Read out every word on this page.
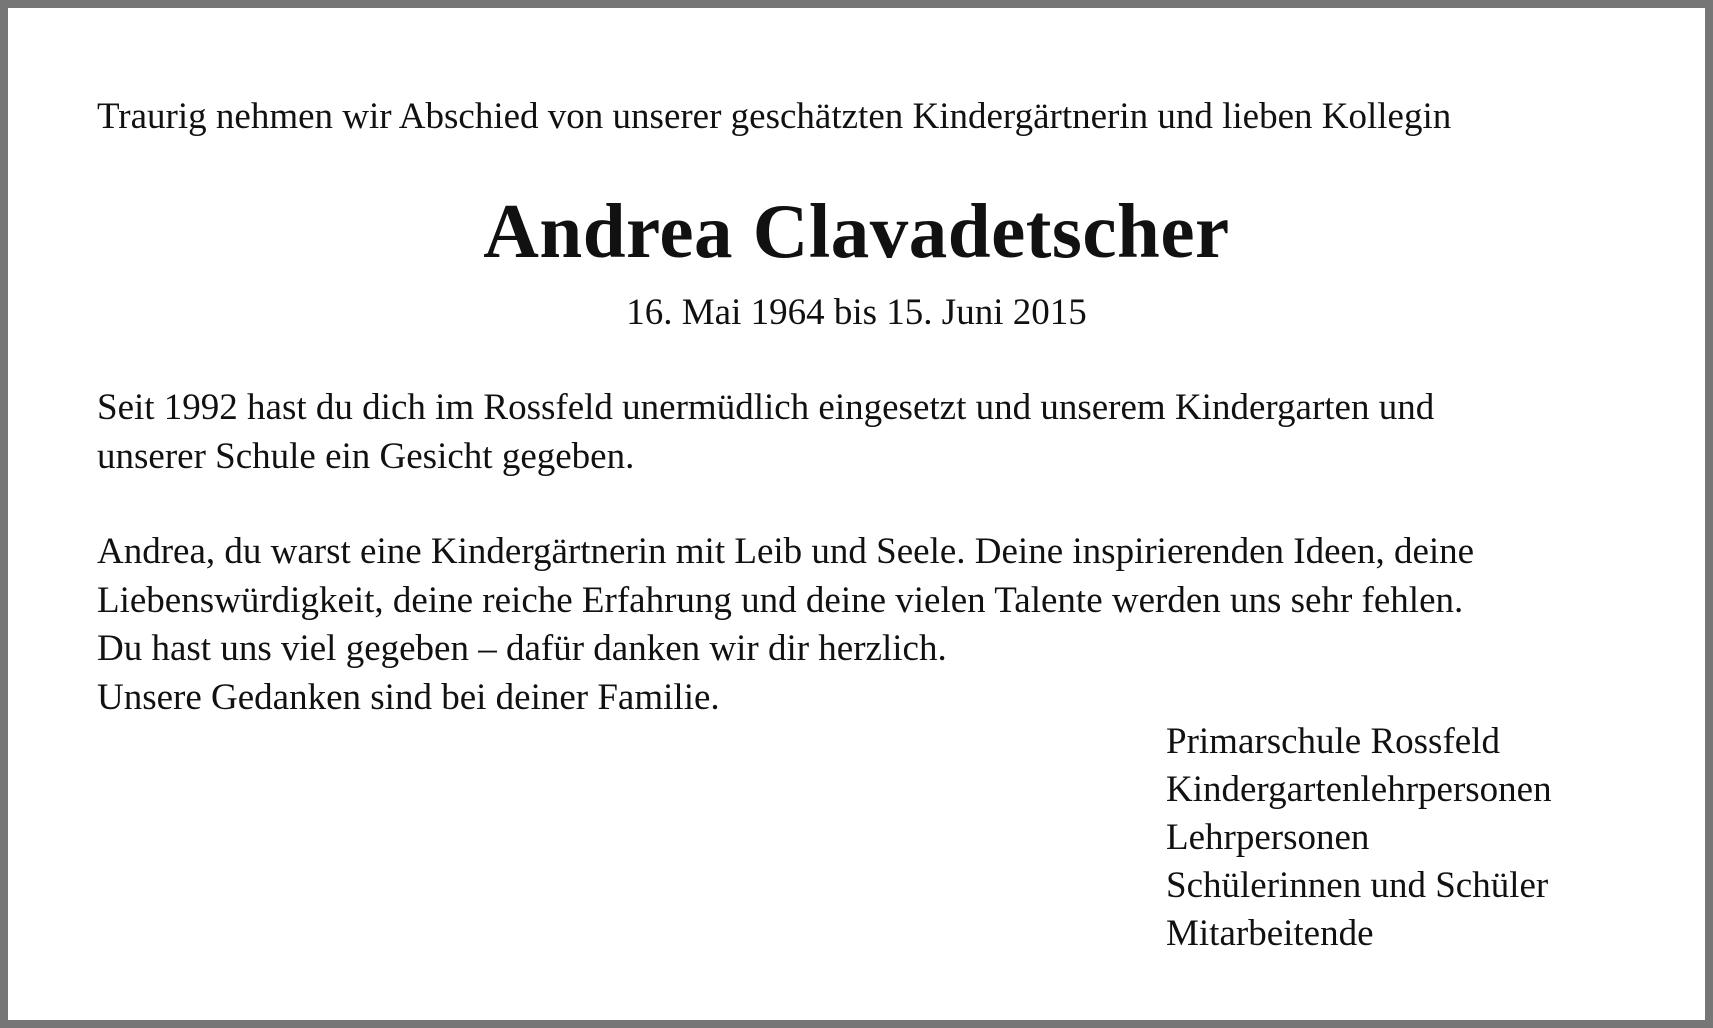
Traurig nehmen wir Abschied von unserer geschätzten Kindergärtnerin und lieben Kollegin
Andrea Clavadetscher
16. Mai 1964 bis 15. Juni 2015
Seit 1992 hast du dich im Rossfeld unermüdlich eingesetzt und unserem Kindergarten und
unserer Schule ein Gesicht gegeben.
Andrea, du warst eine Kindergärtnerin mit Leib und Seele. Deine inspirierenden Ideen, deine
Liebenswürdigkeit, deine reiche Erfahrung und deine vielen Talente werden uns sehr fehlen.
Du hast uns viel gegeben – dafür danken wir dir herzlich.
Unsere Gedanken sind bei deiner Familie.
Primarschule Rossfeld
Kindergartenlehrpersonen
Lehrpersonen
Schülerinnen und Schüler
Mitarbeitende
